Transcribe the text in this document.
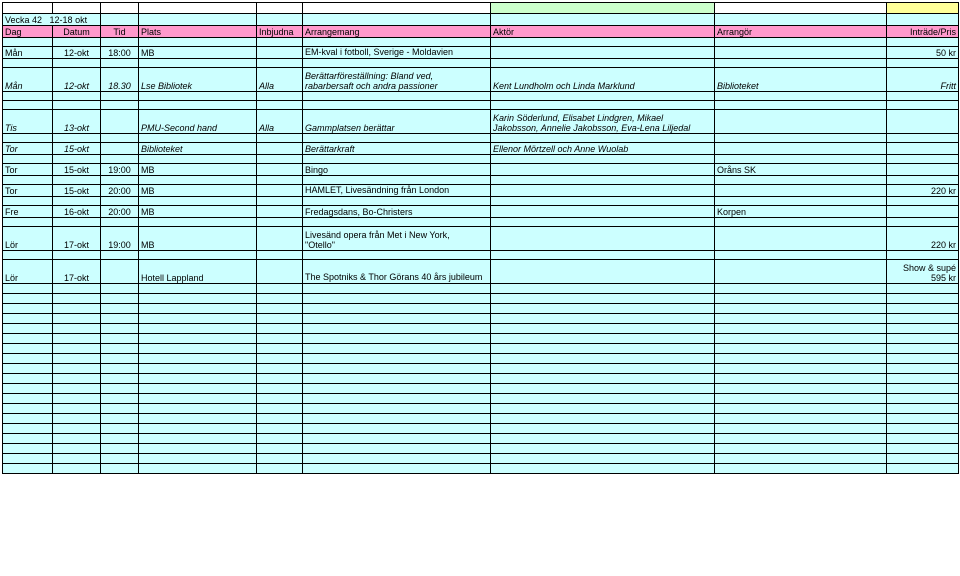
Vecka 42 12-18 okt								
Dag	Datum	Tid	Plats	Inbjudna	Arrangemang	Aktör	Arrangör	Inträde/Pris

Mån	12-okt	18:00	MB		EM-kval i fotboll, Sverige - Moldavien			50 kr

Mån	12-okt	18.30	Lse Bibliotek	Alla	Berättarföreställning: Bland ved,
rabarbersaft och andra passioner	Kent Lundholm och Linda Marklund	Biblioteket	Fritt

Tis	13-okt		PMU-Second hand	Alla	Gammplatsen berättar	Karin Söderlund, Elisabet Lindgren, Mikael
Jakobsson, Annelie Jakobsson, Eva-Lena Liljedal		

Tor	15-okt		Biblioteket		Berättarkraft	Ellenor Mörtzell och Anne Wuolab		

Tor	15-okt	19:00	MB		Bingo		Oråns SK	

Tor	15-okt	20:00	MB		HAMLET, Livesändning från London			220 kr

Fre	16-okt	20:00	MB		Fredagsdans, Bo-Christers		Korpen	

Lör	17-okt	19:00	MB		Livesänd opera från Met i New York,
"Otello"			220 kr

Lör	17-okt		Hotell Lappland		The Spotniks & Thor Görans 40 års jubileum			Show & supé
595 kr
